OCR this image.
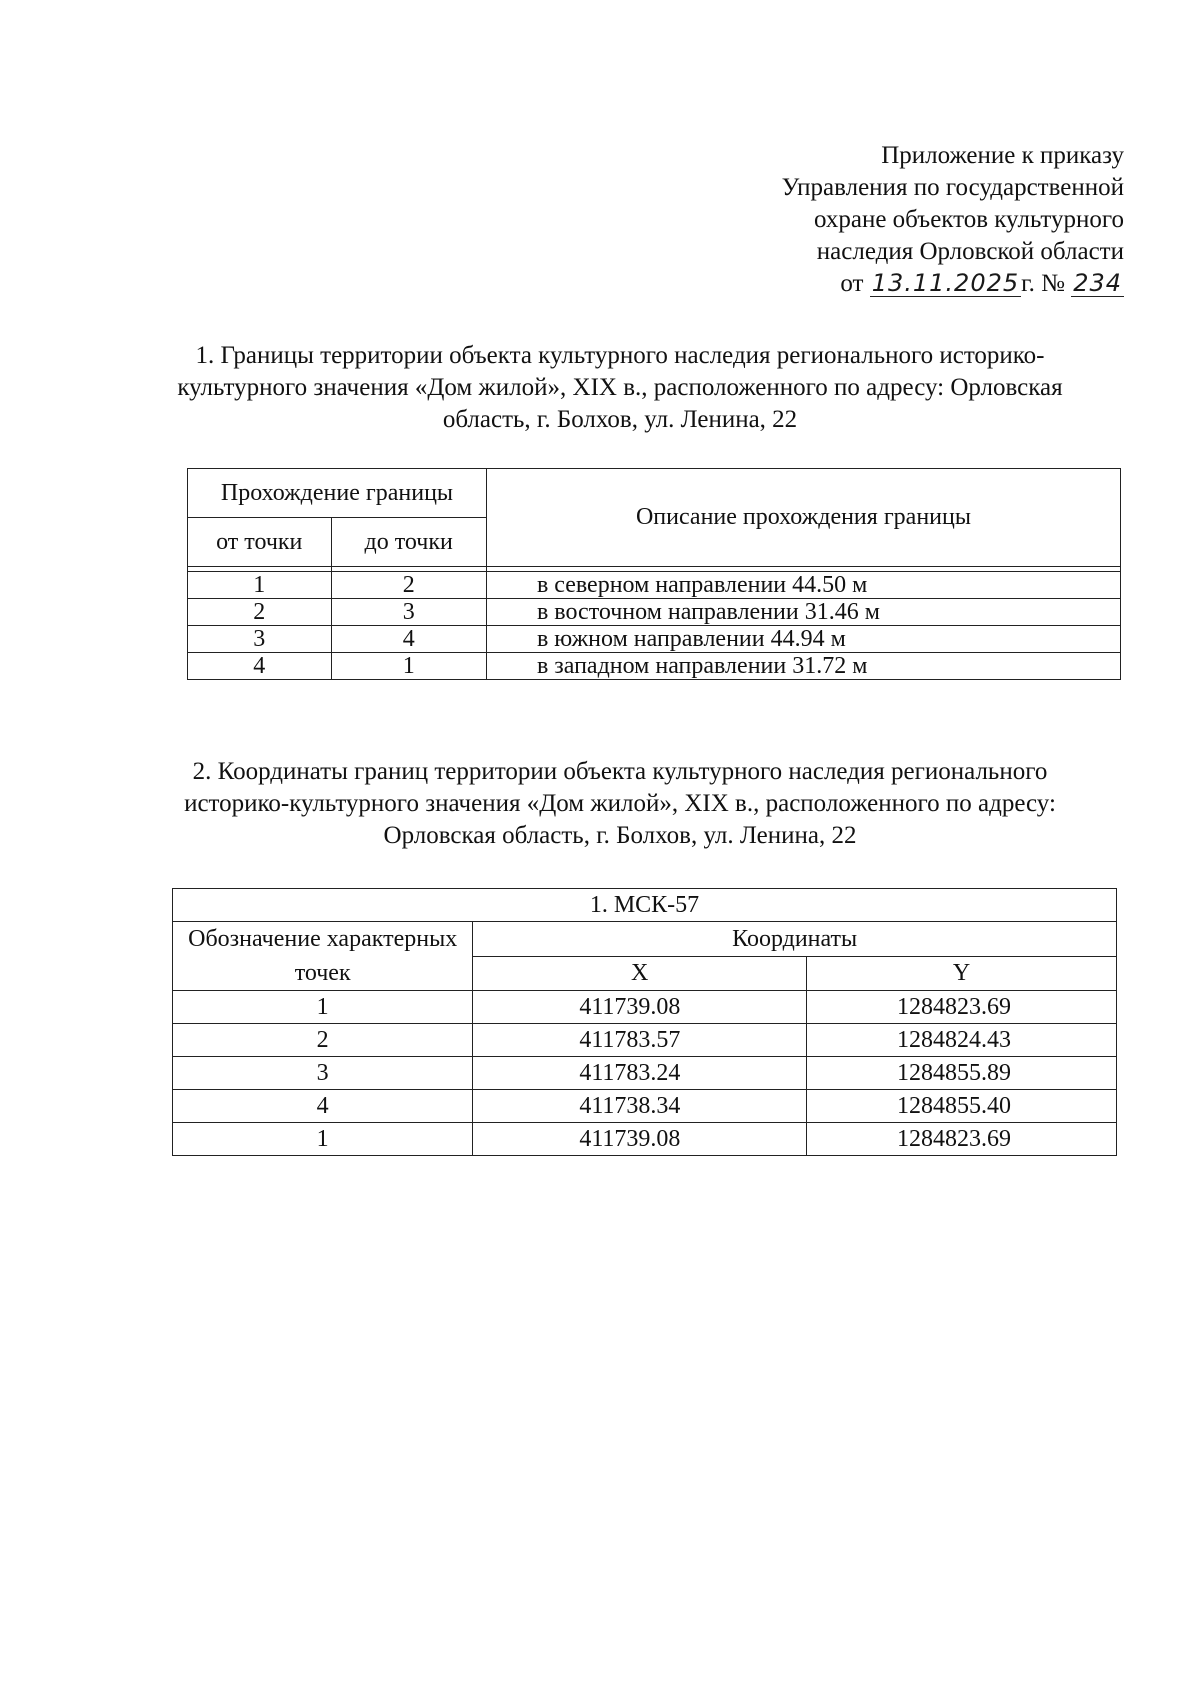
Приложение к приказу
Управления по государственной
охране объектов культурного
наследия Орловской области
от 13.11.2025г. № 234
1. Границы территории объекта культурного наследия регионального историко-культурного значения «Дом жилой», XIX в., расположенного по адресу: Орловская область, г. Болхов, ул. Ленина, 22
Прохождение границы		Описание прохождения границы
от точки	до точки	

1	2	в северном направлении 44.50 м
2	3	в восточном направлении 31.46 м
3	4	в южном направлении 44.94 м
4	1	в западном направлении 31.72 м
2. Координаты границ территории объекта культурного наследия регионального историко-культурного значения «Дом жилой», XIX в., расположенного по адресу: Орловская область, г. Болхов, ул. Ленина, 22
1. МСК-57		
Обозначение характерных точек	Координаты	
	X	Y
1	411739.08	1284823.69
2	411783.57	1284824.43
3	411783.24	1284855.89
4	411738.34	1284855.40
1	411739.08	1284823.69
